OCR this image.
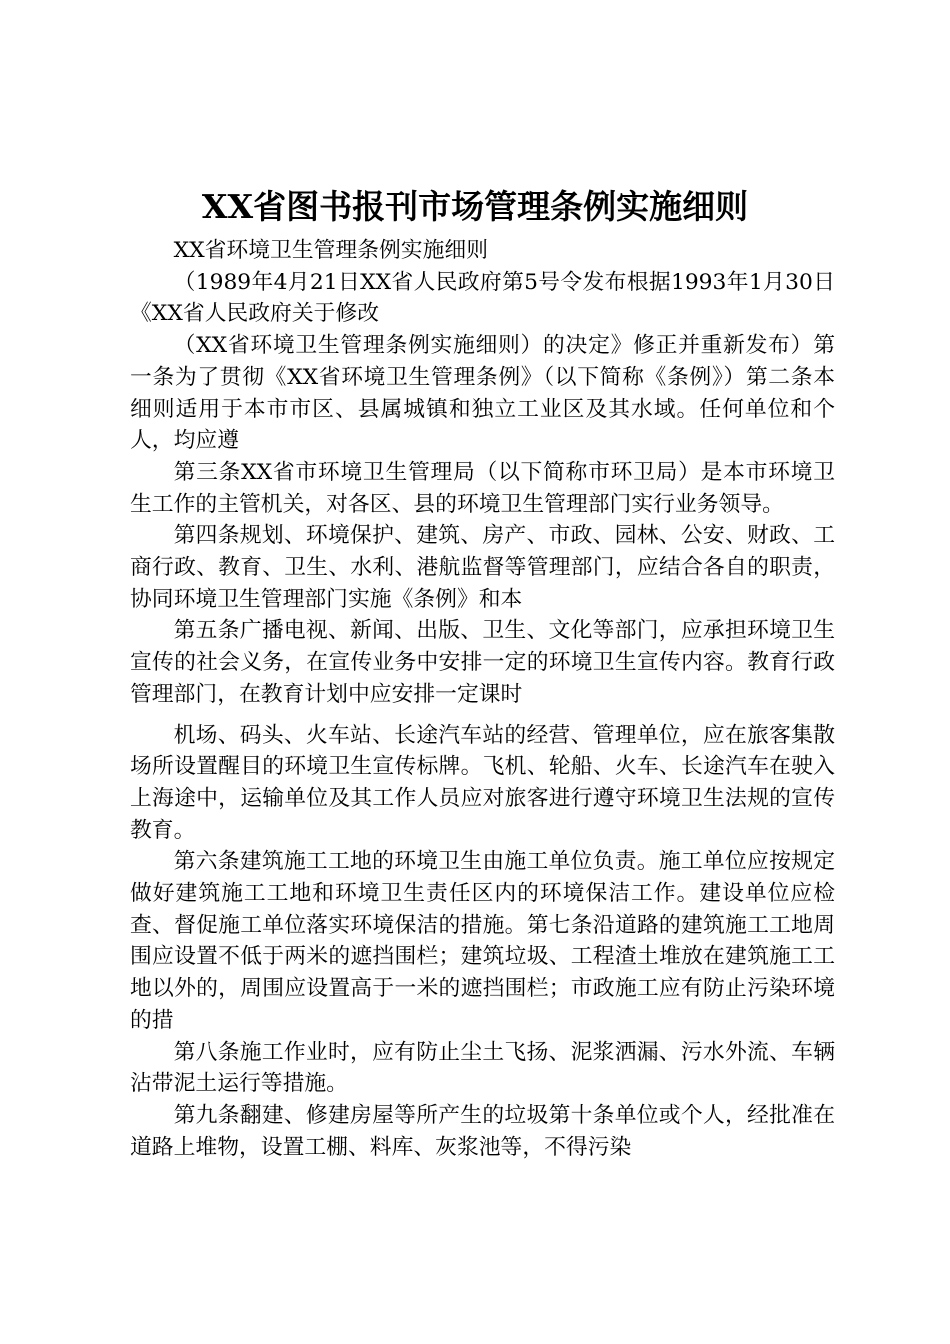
XX省图书报刊市场管理条例实施细则

XX省环境卫生管理条例实施细则

（1989年4月21日XX省人民政府第5号令发布根据1993年1月30日《XX省人民政府关于修改

（XX省环境卫生管理条例实施细则）的决定》修正并重新发布）第一条为了贯彻《XX省环境卫生管理条例》（以下简称《条例》）第二条本细则适用于本市市区、县属城镇和独立工业区及其水域。任何单位和个人，均应遵

第三条XX省市环境卫生管理局（以下简称市环卫局）是本市环境卫生工作的主管机关，对各区、县的环境卫生管理部门实行业务领导。

第四条规划、环境保护、建筑、房产、市政、园林、公安、财政、工商行政、教育、卫生、水利、港航监督等管理部门，应结合各自的职责，协同环境卫生管理部门实施《条例》和本

第五条广播电视、新闻、出版、卫生、文化等部门，应承担环境卫生宣传的社会义务，在宣传业务中安排一定的环境卫生宣传内容。教育行政管理部门，在教育计划中应安排一定课时

机场、码头、火车站、长途汽车站的经营、管理单位，应在旅客集散场所设置醒目的环境卫生宣传标牌。飞机、轮船、火车、长途汽车在驶入上海途中，运输单位及其工作人员应对旅客进行遵守环境卫生法规的宣传教育。

第六条建筑施工工地的环境卫生由施工单位负责。施工单位应按规定做好建筑施工工地和环境卫生责任区内的环境保洁工作。建设单位应检查、督促施工单位落实环境保洁的措施。第七条沿道路的建筑施工工地周围应设置不低于两米的遮挡围栏；建筑垃圾、工程渣土堆放在建筑施工工地以外的，周围应设置高于一米的遮挡围栏；市政施工应有防止污染环境的措

第八条施工作业时，应有防止尘土飞扬、泥浆洒漏、污水外流、车辆沾带泥土运行等措施。

第九条翻建、修建房屋等所产生的垃圾第十条单位或个人，经批准在道路上堆物，设置工棚、料库、灰浆池等，不得污染
